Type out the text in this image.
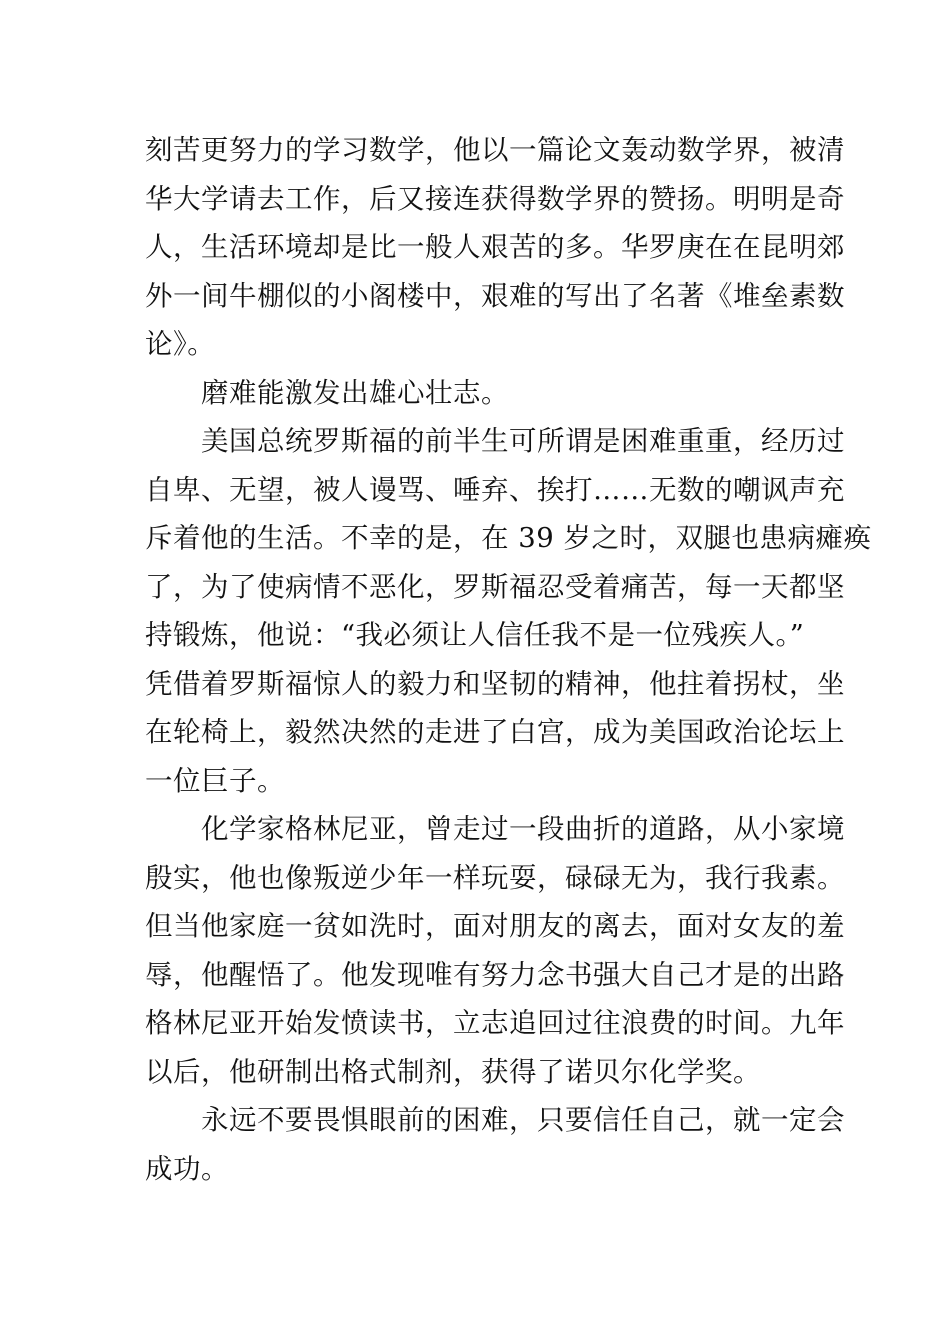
刻苦更努力的学习数学，他以一篇论文轰动数学界，被清
华大学请去工作，后又接连获得数学界的赞扬。明明是奇
人，生活环境却是比一般人艰苦的多。华罗庚在在昆明郊
外一间牛棚似的小阁楼中，艰难的写出了名著《堆垒素数
论》。
磨难能激发出雄心壮志。
美国总统罗斯福的前半生可所谓是困难重重，经历过
自卑、无望，被人谩骂、唾弃、挨打……无数的嘲讽声充
斥着他的生活。不幸的是，在 39 岁之时，双腿也患病瘫痪
了，为了使病情不恶化，罗斯福忍受着痛苦，每一天都坚
持锻炼，他说：“我必须让人信任我不是一位残疾人。”
凭借着罗斯福惊人的毅力和坚韧的精神，他拄着拐杖，坐
在轮椅上，毅然决然的走进了白宫，成为美国政治论坛上
一位巨子。
化学家格林尼亚，曾走过一段曲折的道路，从小家境
殷实，他也像叛逆少年一样玩耍，碌碌无为，我行我素。
但当他家庭一贫如洗时，面对朋友的离去，面对女友的羞
辱，他醒悟了。他发现唯有努力念书强大自己才是的出路
格林尼亚开始发愤读书，立志追回过往浪费的时间。九年
以后，他研制出格式制剂，获得了诺贝尔化学奖。
永远不要畏惧眼前的困难，只要信任自己，就一定会
成功。
